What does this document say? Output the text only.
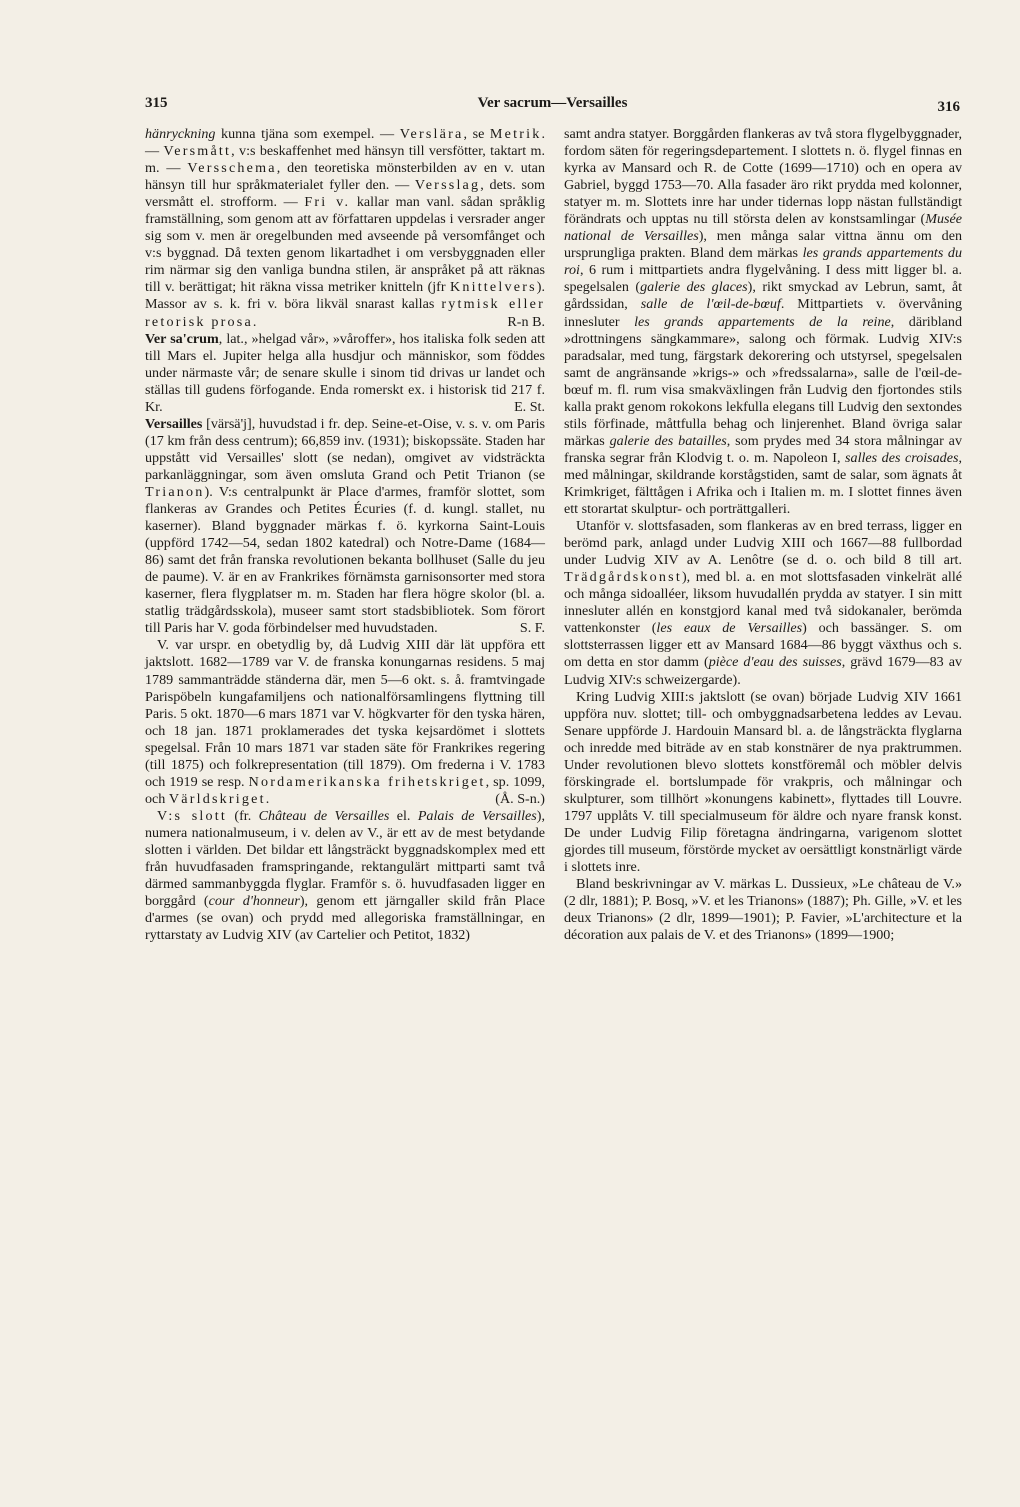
315	Ver sacrum—Versailles	316

hänryckning kunna tjäna som exempel. — Verslära, se Metrik. — Versmått, v:s beskaffenhet med hänsyn till versfötter, taktart m. m. — Versschema, den teoretiska mönsterbilden av en v. utan hänsyn till hur språkmaterialet fyller den. — Versslag, dets. som versmått el. strofform. — Fri v. kallar man vanl. sådan språklig framställning, som genom att av författaren uppdelas i versrader anger sig som v. men är oregelbunden med avseende på versomfånget och v:s byggnad. Då texten genom likartadhet i om versbyggnaden eller rim närmar sig den vanliga bundna stilen, är anspråket på att räknas till v. berättigat; hit räkna vissa metriker knitteln (jfr Knittelvers). Massor av s. k. fri v. böra likväl snarast kallas rytmisk eller retorisk prosa.	R-n B.

Ver sa'crum, lat., »helgad vår», »våroffer», hos italiska folk seden att till Mars el. Jupiter helga alla husdjur och människor, som föddes under närmaste vår; de senare skulle i sinom tid drivas ur landet och ställas till gudens förfogande. Enda romerskt ex. i historisk tid 217 f. Kr.	E. St.

Versailles [värsä'j], huvudstad i fr. dep. Seine-et-Oise, v. s. v. om Paris (17 km från dess centrum); 66,859 inv. (1931); biskopssäte. Staden har uppstått vid Versailles' slott (se nedan), omgivet av vidsträckta parkanläggningar, som även omsluta Grand och Petit Trianon (se Trianon). V:s centralpunkt är Place d'armes, framför slottet, som flankeras av Grandes och Petites Écuries (f. d. kungl. stallet, nu kaserner). Bland byggnader märkas f. ö. kyrkorna Saint-Louis (uppförd 1742—54, sedan 1802 katedral) och Notre-Dame (1684—86) samt det från franska revolutionen bekanta bollhuset (Salle du jeu de paume). V. är en av Frankrikes förnämsta garnisonsorter med stora kaserner, flera flygplatser m. m. Staden har flera högre skolor (bl. a. statlig trädgårdsskola), museer samt stort stadsbibliotek. Som förort till Paris har V. goda förbindelser med huvudstaden.	S. F.

V. var urspr. en obetydlig by, då Ludvig XIII där lät uppföra ett jaktslott. 1682—1789 var V. de franska konungarnas residens. 5 maj 1789 sammanträdde ständerna där, men 5—6 okt. s. å. framtvingade Parispöbeln kungafamiljens och nationalförsamlingens flyttning till Paris. 5 okt. 1870—6 mars 1871 var V. högkvarter för den tyska hären, och 18 jan. 1871 proklamerades det tyska kejsardömet i slottets spegelsal. Från 10 mars 1871 var staden säte för Frankrikes regering (till 1875) och folkrepresentation (till 1879). Om frederna i V. 1783 och 1919 se resp. Nordamerikanska frihetskriget, sp. 1099, och Världskriget.	(Å. S-n.)

V:s slott (fr. Château de Versailles el. Palais de Versailles), numera nationalmuseum, i v. delen av V., är ett av de mest betydande slotten i världen. Det bildar ett långsträckt byggnadskomplex med ett från huvudfasaden framspringande, rektangulärt mittparti samt två därmed sammanbyggda flyglar. Framför s. ö. huvudfasaden ligger en borggård (cour d'honneur), genom ett järngaller skild från Place d'armes (se ovan) och prydd med allegoriska framställningar, en ryttarstaty av Ludvig XIV (av Cartelier och Petitot, 1832)

samt andra statyer. Borggården flankeras av två stora flygelbyggnader, fordom säten för regeringsdepartement. I slottets n. ö. flygel finnas en kyrka av Mansard och R. de Cotte (1699—1710) och en opera av Gabriel, byggd 1753—70. Alla fasader äro rikt prydda med kolonner, statyer m. m. Slottets inre har under tidernas lopp nästan fullständigt förändrats och upptas nu till största delen av konstsamlingar (Musée national de Versailles), men många salar vittna ännu om den ursprungliga prakten. Bland dem märkas les grands appartements du roi, 6 rum i mittpartiets andra flygelvåning. I dess mitt ligger bl. a. spegelsalen (galerie des glaces), rikt smyckad av Lebrun, samt, åt gårdssidan, salle de l'œil-de-bœuf. Mittpartiets v. övervåning innesluter les grands appartements de la reine, däribland »drottningens sängkammare», salong och förmak. Ludvig XIV:s paradsalar, med tung, färgstark dekorering och utstyrsel, spegelsalen samt de angränsande »krigs-» och »fredssalarna», salle de l'œil-de-bœuf m. fl. rum visa smakväxlingen från Ludvig den fjortondes stils kalla prakt genom rokokons lekfulla elegans till Ludvig den sextondes stils förfinade, måttfulla behag och linjerenhet. Bland övriga salar märkas galerie des batailles, som prydes med 34 stora målningar av franska segrar från Klodvig t. o. m. Napoleon I, salles des croisades, med målningar, skildrande korstågstiden, samt de salar, som ägnats åt Krimkriget, fälttågen i Afrika och i Italien m. m. I slottet finnes även ett storartat skulptur- och porträttgalleri.

Utanför v. slottsfasaden, som flankeras av en bred terrass, ligger en berömd park, anlagd under Ludvig XIII och 1667—88 fullbordad under Ludvig XIV av A. Lenôtre (se d. o. och bild 8 till art. Trädgårdskonst), med bl. a. en mot slottsfasaden vinkelrät allé och många sidoalléer, liksom huvudallén prydda av statyer. I sin mitt innesluter allén en konstgjord kanal med två sidokanaler, berömda vattenkonster (les eaux de Versailles) och bassänger. S. om slottsterrassen ligger ett av Mansard 1684—86 byggt växthus och s. om detta en stor damm (pièce d'eau des suisses, grävd 1679—83 av Ludvig XIV:s schweizergarde).

Kring Ludvig XIII:s jaktslott (se ovan) började Ludvig XIV 1661 uppföra nuv. slottet; till- och ombyggnadsarbetena leddes av Levau. Senare uppförde J. Hardouin Mansard bl. a. de långsträckta flyglarna och inredde med biträde av en stab konstnärer de nya praktrummen. Under revolutionen blevo slottets konstföremål och möbler delvis förskingrade el. bortslumpade för vrakpris, och målningar och skulpturer, som tillhört »konungens kabinett», flyttades till Louvre. 1797 upplåts V. till specialmuseum för äldre och nyare fransk konst. De under Ludvig Filip företagna ändringarna, varigenom slottet gjordes till museum, förstörde mycket av oersättligt konstnärligt värde i slottets inre.

Bland beskrivningar av V. märkas L. Dussieux, »Le château de V.» (2 dlr, 1881); P. Bosq, »V. et les Trianons» (1887); Ph. Gille, »V. et les deux Trianons» (2 dlr, 1899—1901); P. Favier, »L'architecture et la décoration aux palais de V. et des Trianons» (1899—1900;
